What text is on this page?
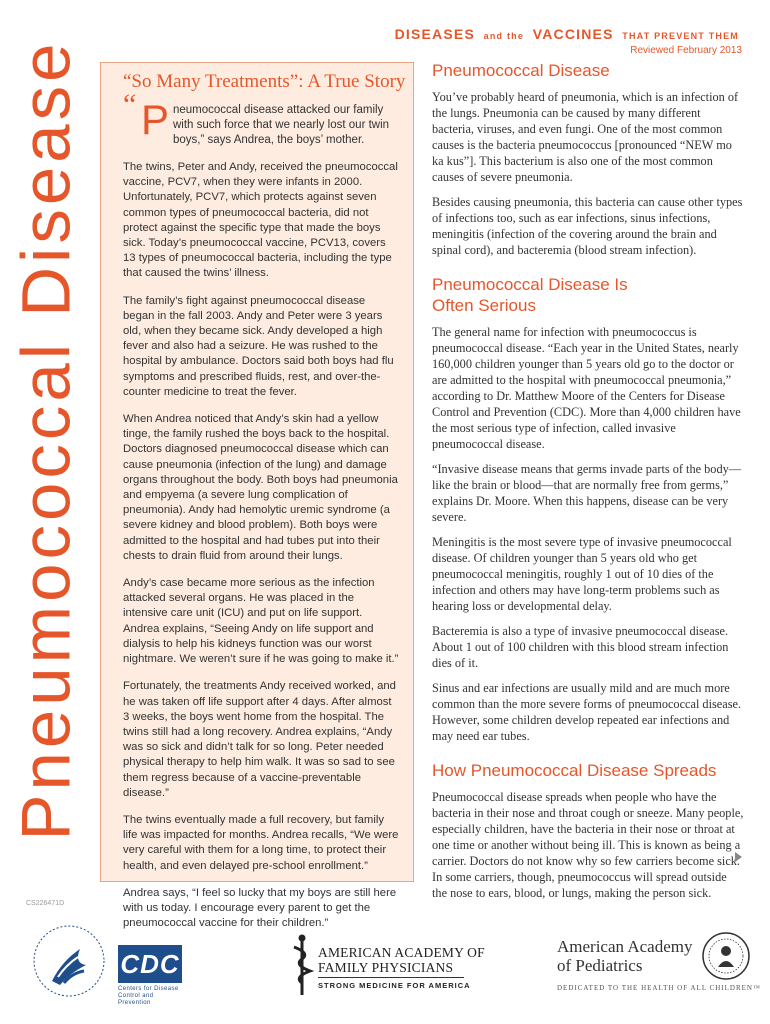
Pneumococcal Disease
DISEASES and the VACCINES THAT PREVENT THEM
Reviewed February 2013
“So Many Treatments”: A True Story
“ P neumococcal disease attacked our family with such force that we nearly lost our twin boys,” says Andrea, the boys’ mother.

The twins, Peter and Andy, received the pneumococcal vaccine, PCV7, when they were infants in 2000. Unfortunately, PCV7, which protects against seven common types of pneumococcal bacteria, did not protect against the specific type that made the boys sick. Today’s pneumococcal vaccine, PCV13, covers 13 types of pneumococcal bacteria, including the type that caused the twins’ illness.

The family’s fight against pneumococcal disease began in the fall 2003. Andy and Peter were 3 years old, when they became sick. Andy developed a high fever and also had a seizure. He was rushed to the hospital by ambulance. Doctors said both boys had flu symptoms and prescribed fluids, rest, and over-the-counter medicine to treat the fever.

When Andrea noticed that Andy’s skin had a yellow tinge, the family rushed the boys back to the hospital. Doctors diagnosed pneumococcal disease which can cause pneumonia (infection of the lung) and damage organs throughout the body. Both boys had pneumonia and empyema (a severe lung complication of pneumonia). Andy had hemolytic uremic syndrome (a severe kidney and blood problem). Both boys were admitted to the hospital and had tubes put into their chests to drain fluid from around their lungs.

Andy’s case became more serious as the infection attacked several organs. He was placed in the intensive care unit (ICU) and put on life support. Andrea explains, “Seeing Andy on life support and dialysis to help his kidneys function was our worst nightmare. We weren’t sure if he was going to make it.”

Fortunately, the treatments Andy received worked, and he was taken off life support after 4 days. After almost 3 weeks, the boys went home from the hospital. The twins still had a long recovery. Andrea explains, “Andy was so sick and didn’t talk for so long. Peter needed physical therapy to help him walk. It was so sad to see them regress because of a vaccine-preventable disease.”

The twins eventually made a full recovery, but family life was impacted for months. Andrea recalls, “We were very careful with them for a long time, to protect their health, and even delayed pre-school enrollment.”

Andrea says, “I feel so lucky that my boys are still here with us today. I encourage every parent to get the pneumococcal vaccine for their children.”

Pneumococcal Disease

You’ve probably heard of pneumonia, which is an infection of the lungs. Pneumonia can be caused by many different bacteria, viruses, and even fungi. One of the most common causes is the bacteria pneumococcus [pronounced “NEW mo ka kus”]. This bacterium is also one of the most common causes of severe pneumonia.

Besides causing pneumonia, this bacteria can cause other types of infections too, such as ear infections, sinus infections, meningitis (infection of the covering around the brain and spinal cord), and bacteremia (blood stream infection).

Pneumococcal Disease Is
Often Serious

The general name for infection with pneumococcus is pneumococcal disease. “Each year in the United States, nearly 160,000 children younger than 5 years old go to the doctor or are admitted to the hospital with pneumococcal pneumonia,” according to Dr. Matthew Moore of the Centers for Disease Control and Prevention (CDC). More than 4,000 children have the most serious type of infection, called invasive pneumococcal disease.

“Invasive disease means that germs invade parts of the body—like the brain or blood—that are normally free from germs,” explains Dr. Moore. When this happens, disease can be very severe.

Meningitis is the most severe type of invasive pneumococcal disease. Of children younger than 5 years old who get pneumococcal meningitis, roughly 1 out of 10 dies of the infection and others may have long-term problems such as hearing loss or developmental delay.

Bacteremia is also a type of invasive pneumococcal disease. About 1 out of 100 children with this blood stream infection dies of it.

Sinus and ear infections are usually mild and are much more common than the more severe forms of pneumococcal disease. However, some children develop repeated ear infections and may need ear tubes.

How Pneumococcal Disease Spreads

Pneumococcal disease spreads when people who have the bacteria in their nose and throat cough or sneeze. Many people, especially children, have the bacteria in their nose or throat at one time or another without being ill. This is known as being a carrier. Doctors do not know why so few carriers become sick. In some carriers, though, pneumococcus will spread outside the nose to ears, blood, or lungs, making the person sick.

CS226471D
CDC
Centers for Disease
Control and Prevention
AMERICAN ACADEMY OF
FAMILY PHYSICIANS
STRONG MEDICINE FOR AMERICA
American Academy
of Pediatrics
DEDICATED TO THE HEALTH OF ALL CHILDREN™
